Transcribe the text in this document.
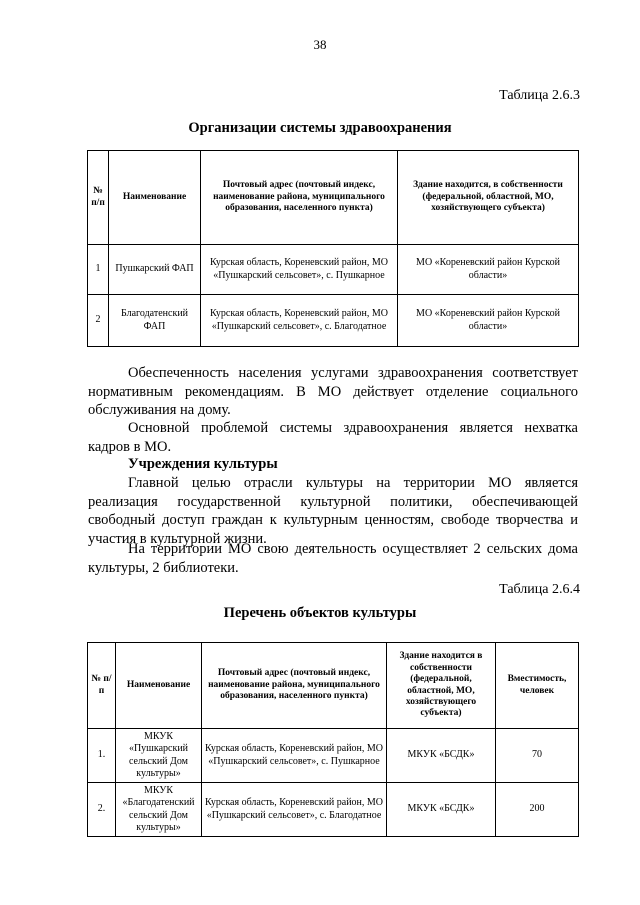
38
Таблица 2.6.3
Организации системы здравоохранения
№ п/п	Наименование	Почтовый адрес (почтовый индекс, наименование района, муниципального образования, населенного пункта)	Здание находится, в собственности (федеральной, областной, МО, хозяйствующего субъекта)
1	Пушкарский ФАП	Курская область, Кореневский район, МО «Пушкарский сельсовет», с. Пушкарное	МО «Кореневский район Курской области»
2	Благодатенский ФАП	Курская область, Кореневский район, МО «Пушкарский сельсовет», с. Благодатное	МО «Кореневский район Курской области»
Обеспеченность населения услугами здравоохранения соответствует нормативным рекомендациям. В МО действует отделение социального обслуживания на дому.
Основной проблемой системы здравоохранения является нехватка кадров в МО.
Учреждения культуры
Главной целью отрасли культуры на территории МО является реализация государственной культурной политики, обеспечивающей свободный доступ граждан к культурным ценностям, свободе творчества и участия в культурной жизни.
На территории МО свою деятельность осуществляет 2 сельских дома культуры, 2 библиотеки.
Таблица 2.6.4
Перечень объектов культуры
№ п/п	Наименование	Почтовый адрес (почтовый индекс, наименование района, муниципального образования, населенного пункта)	Здание находится в собственности (федеральной, областной, МО, хозяйствующего субъекта)	Вместимость, человек
1.	МКУК «Пушкарский сельский Дом культуры»	Курская область, Кореневский район, МО «Пушкарский сельсовет», с. Пушкарное	МКУК «БСДК»	70
2.	МКУК «Благодатенский сельский Дом культуры»	Курская область, Кореневский район, МО «Пушкарский сельсовет», с. Благодатное	МКУК «БСДК»	200
